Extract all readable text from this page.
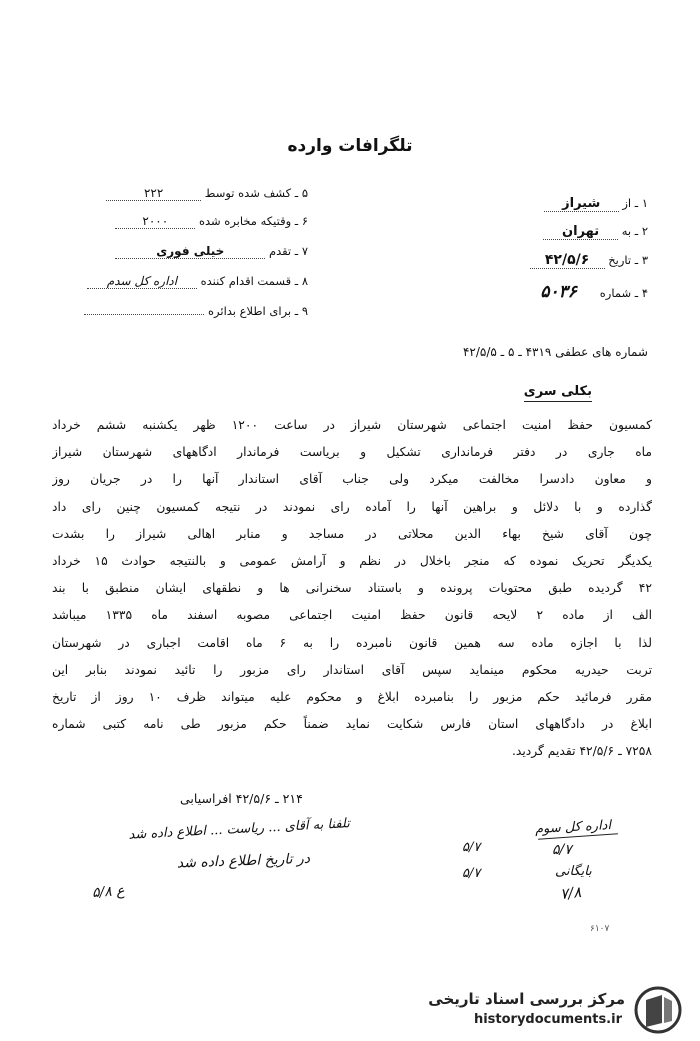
تلگرافات وارده
۱ ـ از شیراز
۲ ـ به تهران
۳ ـ تاریخ ۴۲/۵/۶
۴ ـ شماره ۵۰۳۶
۵ ـ کشف شده توسط ۲۲۲
۶ ـ وقتیکه مخابره شده ۲۰۰۰
۷ ـ تقدم خیلی فوری
۸ ـ قسمت اقدام کننده اداره کل سدم
۹ ـ برای اطلاع بدائره
شماره های عطفی ۴۳۱۹ ـ ۵ ـ ۴۲/۵/۵
بکلی سری
کمسیون حفظ امنیت اجتماعی شهرستان شیراز در ساعت ۱۲۰۰ ظهر یکشنبه ششم خرداد
ماه جاری در دفتر فرمانداری تشکیل و بریاست فرماندار ادگاههای شهرستان شیراز
و معاون دادسرا مخالفت میکرد ولی جناب آقای استاندار آنها را در جریان روز
گذارده و با دلائل و براهین آنها را آماده رای نمودند در نتیجه کمسیون چنین رای داد
چون آقای شیخ بهاء الدین محلاتی در مساجد و منابر اهالی شیراز را بشدت
یکدیگر تحریک نموده که منجر باخلال در نظم و آرامش عمومی و بالنتیجه حوادث ۱۵ خرداد
۴۲ گردیده طبق محتویات پرونده و باستناد سخنرانی ها و نطقهای ایشان منطبق با بند
الف از ماده ۲ لایحه قانون حفظ امنیت اجتماعی مصوبه اسفند ماه ۱۳۳۵ میباشد
لذا با اجازه ماده سه همین قانون نامبرده را به ۶ ماه اقامت اجباری در شهرستان
تربت حیدریه محکوم مینماید سپس آقای استاندار رای مزبور را تائید نمودند بنابر این
مقرر فرمائید حکم مزبور را بنامبرده ابلاغ و محکوم علیه میتواند ظرف ۱۰ روز از تاریخ
ابلاغ در دادگاههای استان فارس شکایت نماید ضمناً حکم مزبور طی نامه کتبی شماره
۷۲۵۸ ـ ۴۲/۵/۶ تقدیم گردید.
۲۱۴ ـ ۴۲/۵/۶ افراسیابی
تلفنا به آقای ... ریاست ... اطلاع داده شد
در تاریخ اطلاع داده شد
۵/۸ ع
۵/۷
۵/۷
اداره کل سوم
۵/۷
بایگانی
۷/۸
۶۱۰۷
مرکز بررسی اسناد تاریخی
historydocuments.ir
